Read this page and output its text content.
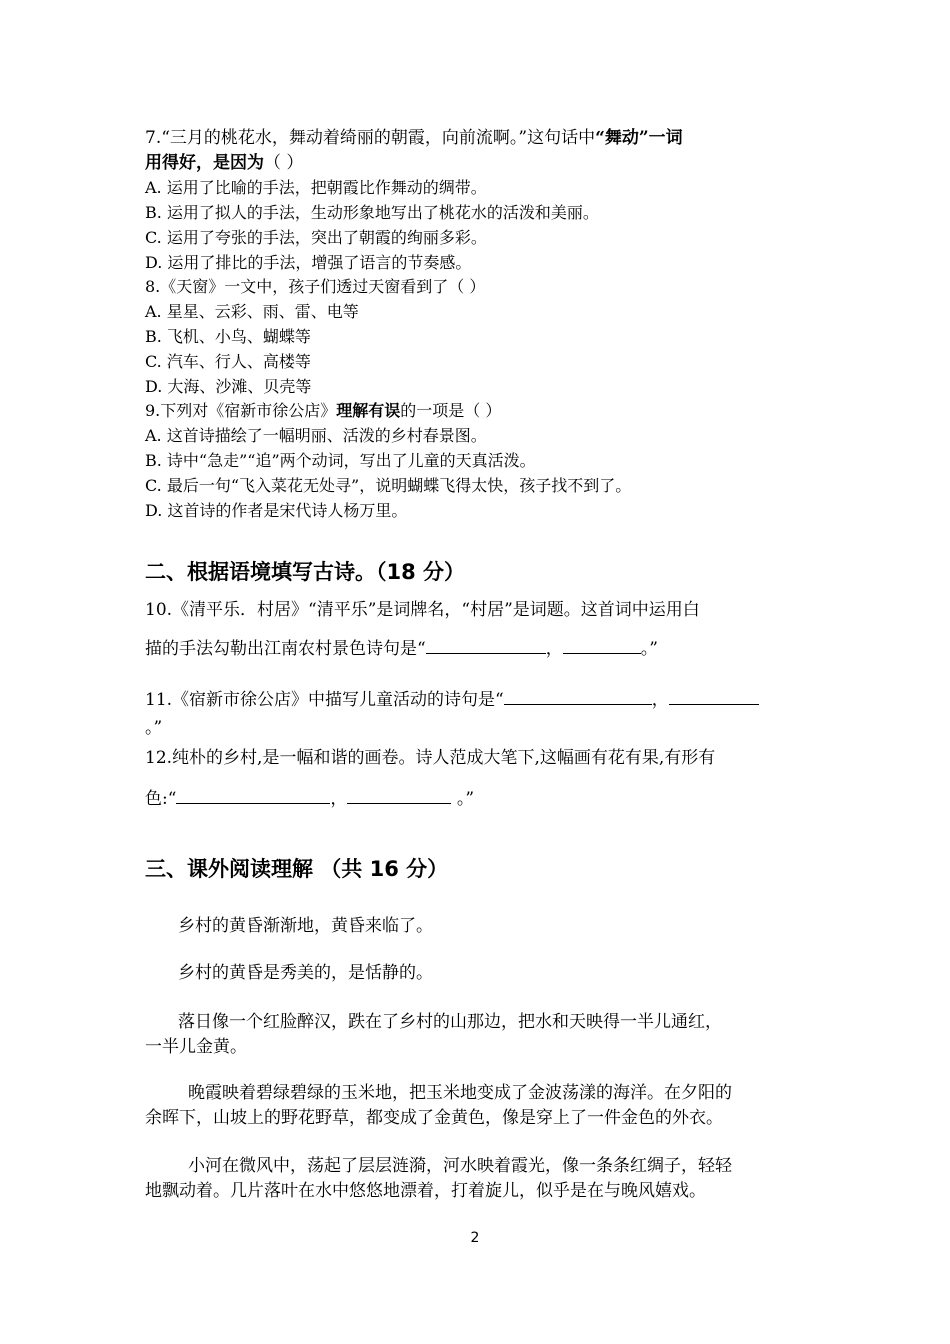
7.“三月的桃花水，舞动着绮丽的朝霞，向前流啊。”这句话中“舞动”一词
用得好，是因为（ ）
A. 运用了比喻的手法，把朝霞比作舞动的绸带。
B. 运用了拟人的手法，生动形象地写出了桃花水的活泼和美丽。
C. 运用了夸张的手法，突出了朝霞的绚丽多彩。
D. 运用了排比的手法，增强了语言的节奏感。
8.《天窗》一文中，孩子们透过天窗看到了（ ）
A. 星星、云彩、雨、雷、电等
B. 飞机、小鸟、蝴蝶等
C. 汽车、行人、高楼等
D. 大海、沙滩、贝壳等
9.下列对《宿新市徐公店》理解有误的一项是（ ）
A. 这首诗描绘了一幅明丽、活泼的乡村春景图。
B. 诗中“急走”“追”两个动词，写出了儿童的天真活泼。
C. 最后一句“飞入菜花无处寻”，说明蝴蝶飞得太快，孩子找不到了。
D. 这首诗的作者是宋代诗人杨万里。
二、根据语境填写古诗。（18 分）
10.《清平乐．村居》“清平乐”是词牌名，“村居”是词题。这首词中运用白
描的手法勾勒出江南农村景色诗句是“	，	。”
11.《宿新市徐公店》中描写儿童活动的诗句是“	，
。”
12.纯朴的乡村,是一幅和谐的画卷。诗人范成大笔下,这幅画有花有果,有形有
色:“	，	。”
三、课外阅读理解 （共 16 分）
乡村的黄昏渐渐地，黄昏来临了。
乡村的黄昏是秀美的，是恬静的。
落日像一个红脸醉汉，跌在了乡村的山那边，把水和天映得一半儿通红，
一半儿金黄。
晚霞映着碧绿碧绿的玉米地，把玉米地变成了金波荡漾的海洋。在夕阳的
余晖下，山坡上的野花野草，都变成了金黄色，像是穿上了一件金色的外衣。
小河在微风中，荡起了层层涟漪，河水映着霞光，像一条条红绸子，轻轻
地飘动着。几片落叶在水中悠悠地漂着，打着旋儿，似乎是在与晚风嬉戏。
2
